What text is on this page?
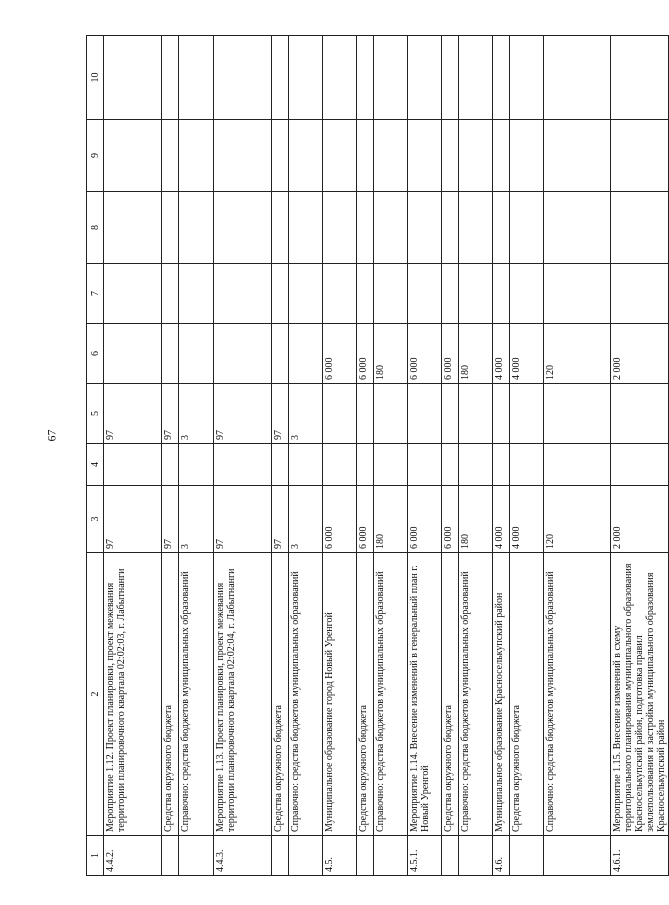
67
1	2	3	4	5	6	7	8	9	10
4.4.2.	Мероприятие 1.12. Проект планировки, проект межевания территории планировочного квартала 02:02:03, г. Лабытнанги	97		97					
	Средства окружного бюджета	97		97					
	Справочно: средства бюджетов муниципальных образований	3		3					
4.4.3.	Мероприятие 1.13. Проект планировки, проект межевания территории планировочного квартала 02:02:04, г. Лабытнанги	97		97					
	Средства окружного бюджета	97		97					
	Справочно: средства бюджетов муниципальных образований	3		3					
4.5.	Муниципальное образование город Новый Уренгой	6 000			6 000				
	Средства окружного бюджета	6 000			6 000				
	Справочно: средства бюджетов муниципальных образований	180			180				
4.5.1.	Мероприятие 1.14. Внесение изменений в генеральный план г. Новый Уренгой	6 000			6 000				
	Средства окружного бюджета	6 000			6 000				
	Справочно: средства бюджетов муниципальных образований	180			180				
4.6.	Муниципальное образование Красноселькупский район	4 000			4 000				
	Средства окружного бюджета	4 000			4 000				
	Справочно: средства бюджетов муниципальных образований	120			120				
4.6.1.	Мероприятие 1.15. Внесение изменений в схему территориального планирования муниципального образования Красноселькупский район, подготовка правил землепользования и застройки муниципального образования Красноселькупский район	2 000			2 000				
